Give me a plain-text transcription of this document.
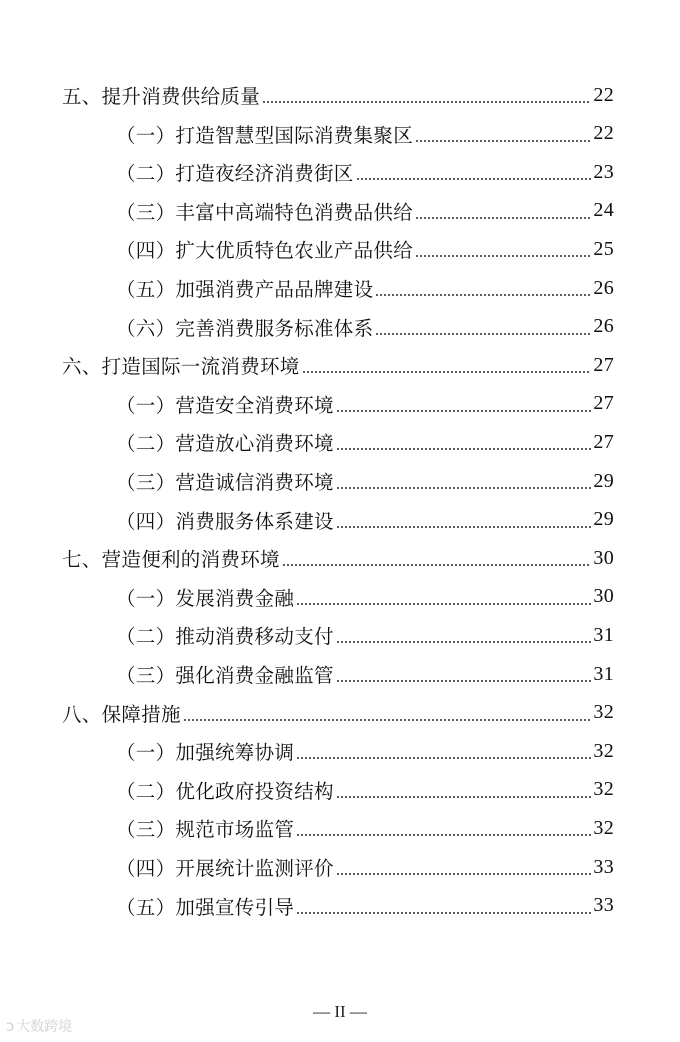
五、提升消费供给质量	22
（一）打造智慧型国际消费集聚区	22
（二）打造夜经济消费街区	23
（三）丰富中高端特色消费品供给	24
（四）扩大优质特色农业产品供给	25
（五）加强消费产品品牌建设	26
（六）完善消费服务标准体系	26
六、打造国际一流消费环境	27
（一）营造安全消费环境	27
（二）营造放心消费环境	27
（三）营造诚信消费环境	29
（四）消费服务体系建设	29
七、营造便利的消费环境	30
（一）发展消费金融	30
（二）推动消费移动支付	31
（三）强化消费金融监管	31
八、保障措施	32
（一）加强统筹协调	32
（二）优化政府投资结构	32
（三）规范市场监管	32
（四）开展统计监测评价	33
（五）加强宣传引导	33
— II —
ↄ 大数跨境
